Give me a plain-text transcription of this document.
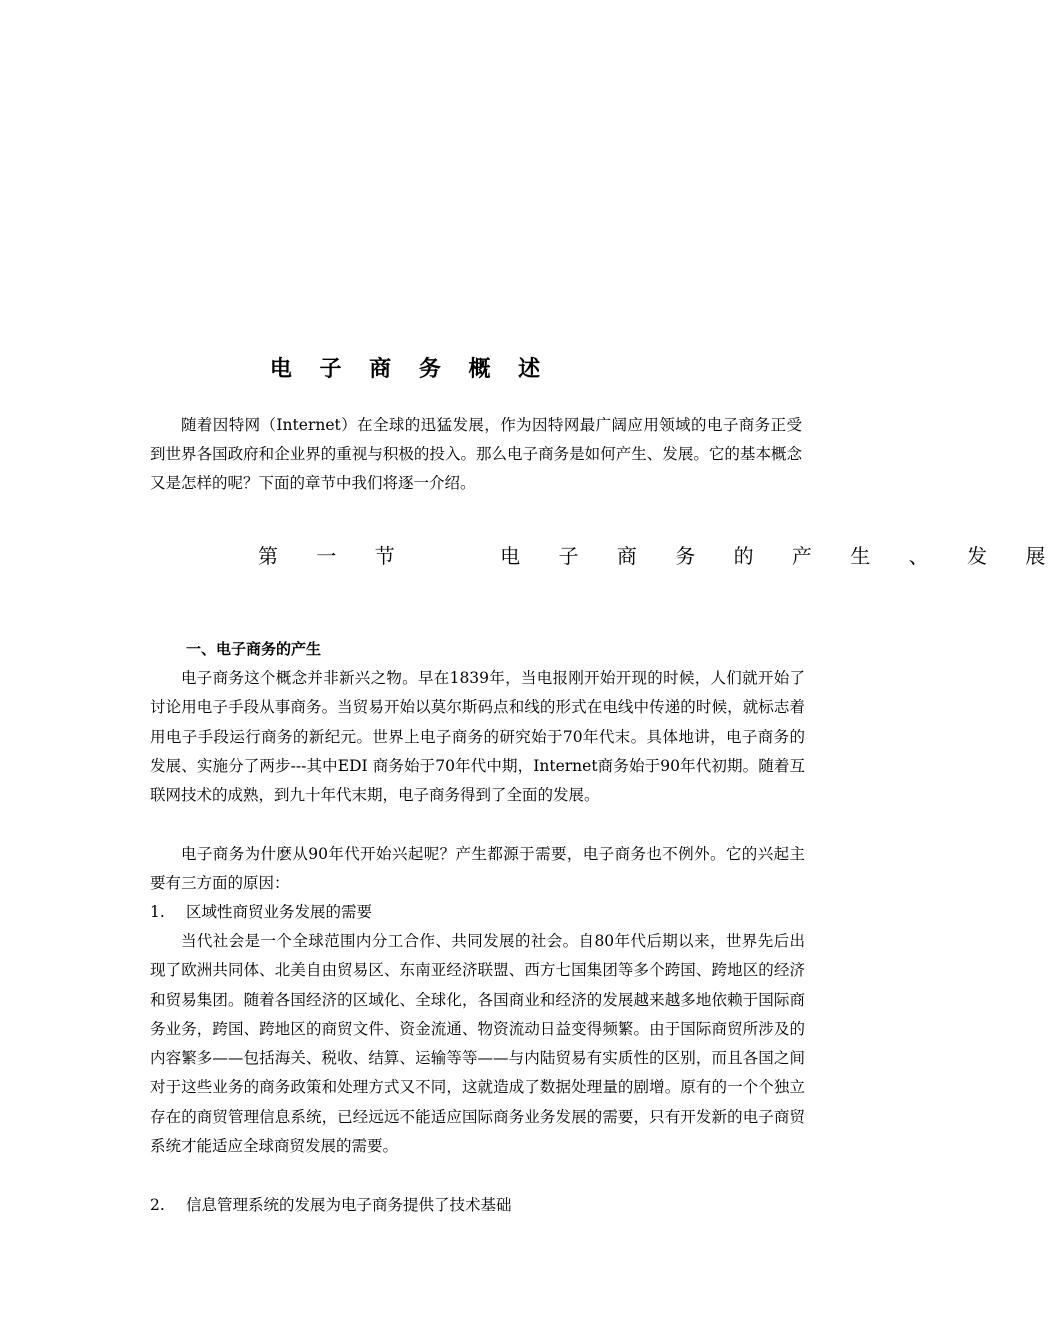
电 子 商 务 概 述

随着因特网（Internet）在全球的迅猛发展，作为因特网最广阔应用领域的电子商务正受到世界各国政府和企业界的重视与积极的投入。那么电子商务是如何产生、发展。它的基本概念又是怎样的呢？下面的章节中我们将逐一介绍。

第 一 节    电 子 商 务 的 产 生 、 发 展
一、电子商务的产生

电子商务这个概念并非新兴之物。早在1839年，当电报刚开始开现的时候，人们就开始了讨论用电子手段从事商务。当贸易开始以莫尔斯码点和线的形式在电线中传递的时候，就标志着用电子手段运行商务的新纪元。世界上电子商务的研究始于70年代末。具体地讲，电子商务的发展、实施分了两步---其中EDI 商务始于70年代中期，Internet商务始于90年代初期。随着互联网技术的成熟，到九十年代末期，电子商务得到了全面的发展。

电子商务为什麽从90年代开始兴起呢？产生都源于需要，电子商务也不例外。它的兴起主要有三方面的原因：

1. 区域性商贸业务发展的需要

当代社会是一个全球范围内分工合作、共同发展的社会。自80年代后期以来，世界先后出现了欧洲共同体、北美自由贸易区、东南亚经济联盟、西方七国集团等多个跨国、跨地区的经济和贸易集团。随着各国经济的区域化、全球化，各国商业和经济的发展越来越多地依赖于国际商务业务，跨国、跨地区的商贸文件、资金流通、物资流动日益变得频繁。由于国际商贸所涉及的内容繁多——包括海关、税收、结算、运输等等——与内陆贸易有实质性的区别，而且各国之间对于这些业务的商务政策和处理方式又不同，这就造成了数据处理量的剧增。原有的一个个独立存在的商贸管理信息系统，已经远远不能适应国际商务业务发展的需要，只有开发新的电子商贸系统才能适应全球商贸发展的需要。

2. 信息管理系统的发展为电子商务提供了技术基础
